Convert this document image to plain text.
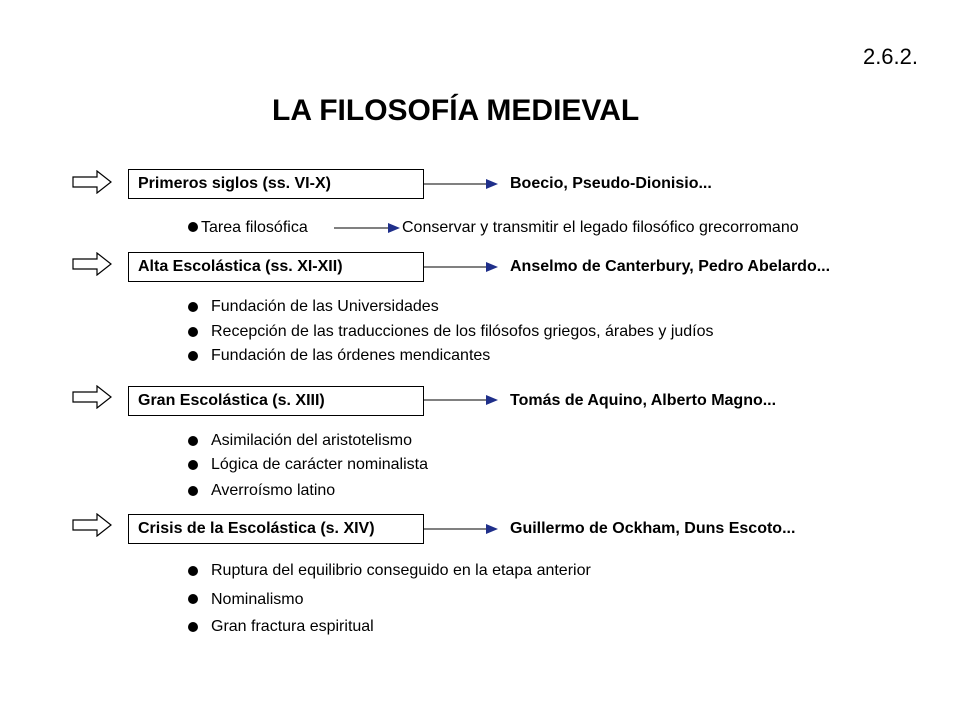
2.6.2.
LA FILOSOFÍA MEDIEVAL
Primeros siglos (ss. VI-X)	Boecio, Pseudo-Dionisio...
Tarea filosófica	Conservar y transmitir el legado filosófico grecorromano
Alta Escolástica (ss. XI-XII)	Anselmo de Canterbury, Pedro Abelardo...
Fundación de las Universidades
Recepción de las traducciones de los filósofos griegos, árabes y judíos
Fundación de las órdenes mendicantes
Gran Escolástica (s. XIII)	Tomás de Aquino, Alberto Magno...
Asimilación del aristotelismo
Lógica de carácter nominalista
Averroísmo latino
Crisis de la Escolástica (s. XIV)	Guillermo de Ockham, Duns Escoto...
Ruptura del equilibrio conseguido en la etapa anterior
Nominalismo
Gran fractura espiritual
